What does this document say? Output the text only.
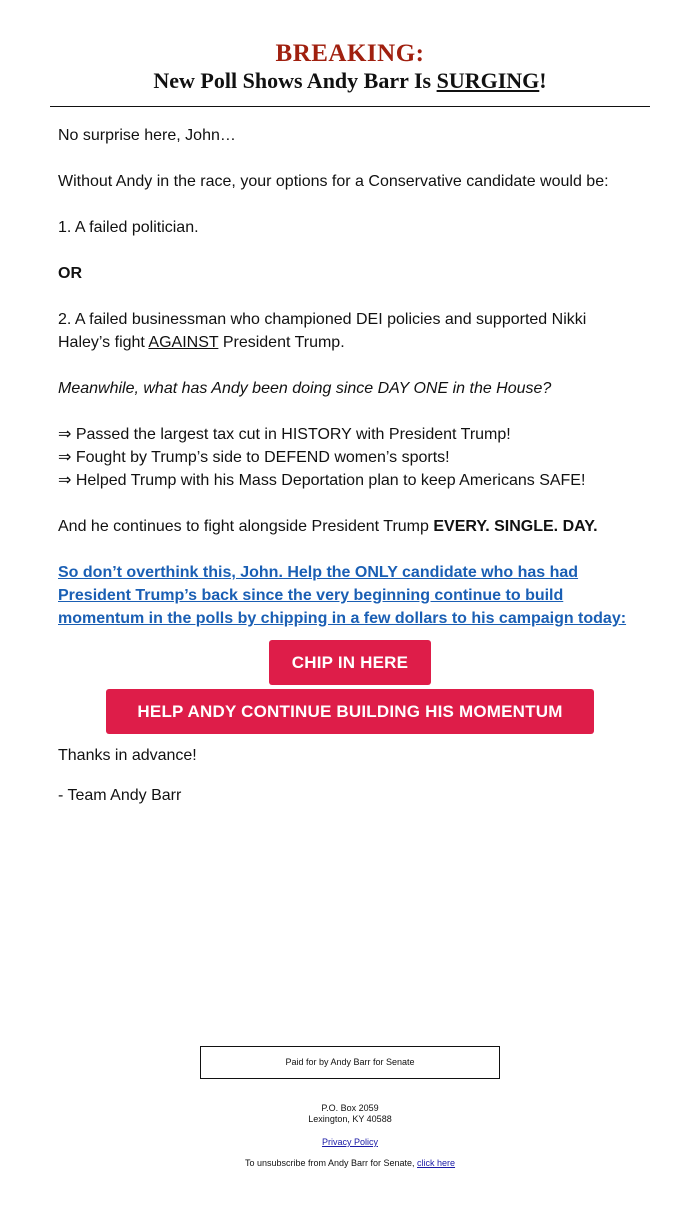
BREAKING:
New Poll Shows Andy Barr Is SURGING!

No surprise here, John…

Without Andy in the race, your options for a Conservative candidate would be:

1. A failed politician.

OR

2. A failed businessman who championed DEI policies and supported Nikki Haley’s fight AGAINST President Trump.

Meanwhile, what has Andy been doing since DAY ONE in the House?

⇒ Passed the largest tax cut in HISTORY with President Trump!

⇒ Fought by Trump’s side to DEFEND women’s sports!

⇒ Helped Trump with his Mass Deportation plan to keep Americans SAFE!

And he continues to fight alongside President Trump EVERY. SINGLE. DAY.

So don’t overthink this, John. Help the ONLY candidate who has had President Trump’s back since the very beginning continue to build momentum in the polls by chipping in a few dollars to his campaign today:
CHIP IN HERE
HELP ANDY CONTINUE BUILDING HIS MOMENTUM

Thanks in advance!

- Team Andy Barr

Paid for by Andy Barr for Senate
P.O. Box 2059
Lexington, KY 40588
Privacy Policy
To unsubscribe from Andy Barr for Senate, click here
